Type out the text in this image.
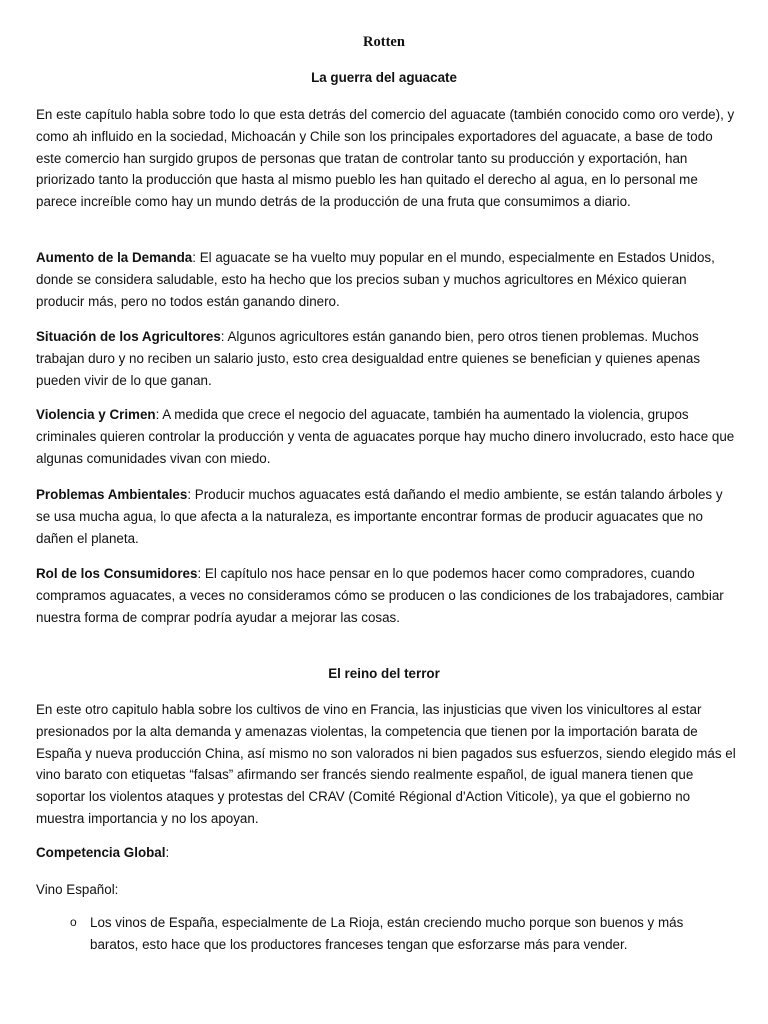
Rotten
La guerra del aguacate

En este capítulo habla sobre todo lo que esta detrás del comercio del aguacate (también conocido como oro verde), y como ah influido en la sociedad, Michoacán y Chile son los principales exportadores del aguacate, a base de todo este comercio han surgido grupos de personas que tratan de controlar tanto su producción y exportación, han priorizado tanto la producción que hasta al mismo pueblo les han quitado el derecho al agua, en lo personal me parece increíble como hay un mundo detrás de la producción de una fruta que consumimos a diario.

Aumento de la Demanda: El aguacate se ha vuelto muy popular en el mundo, especialmente en Estados Unidos, donde se considera saludable, esto ha hecho que los precios suban y muchos agricultores en México quieran producir más, pero no todos están ganando dinero.

Situación de los Agricultores: Algunos agricultores están ganando bien, pero otros tienen problemas. Muchos trabajan duro y no reciben un salario justo, esto crea desigualdad entre quienes se benefician y quienes apenas pueden vivir de lo que ganan.

Violencia y Crimen: A medida que crece el negocio del aguacate, también ha aumentado la violencia, grupos criminales quieren controlar la producción y venta de aguacates porque hay mucho dinero involucrado, esto hace que algunas comunidades vivan con miedo.

Problemas Ambientales: Producir muchos aguacates está dañando el medio ambiente, se están talando árboles y se usa mucha agua, lo que afecta a la naturaleza, es importante encontrar formas de producir aguacates que no dañen el planeta.

Rol de los Consumidores: El capítulo nos hace pensar en lo que podemos hacer como compradores, cuando compramos aguacates, a veces no consideramos cómo se producen o las condiciones de los trabajadores, cambiar nuestra forma de comprar podría ayudar a mejorar las cosas.

El reino del terror

En este otro capitulo habla sobre los cultivos de vino en Francia, las injusticias que viven los vinicultores al estar presionados por la alta demanda y amenazas violentas, la competencia que tienen por la importación barata de España y nueva producción China, así mismo no son valorados ni bien pagados sus esfuerzos, siendo elegido más el vino barato con etiquetas “falsas” afirmando ser francés siendo realmente español, de igual manera tienen que soportar los violentos ataques y protestas del CRAV (Comité Régional d'Action Viticole), ya que el gobierno no muestra importancia y no los apoyan.

Competencia Global:

Vino Español:

o Los vinos de España, especialmente de La Rioja, están creciendo mucho porque son buenos y más baratos, esto hace que los productores franceses tengan que esforzarse más para vender.
